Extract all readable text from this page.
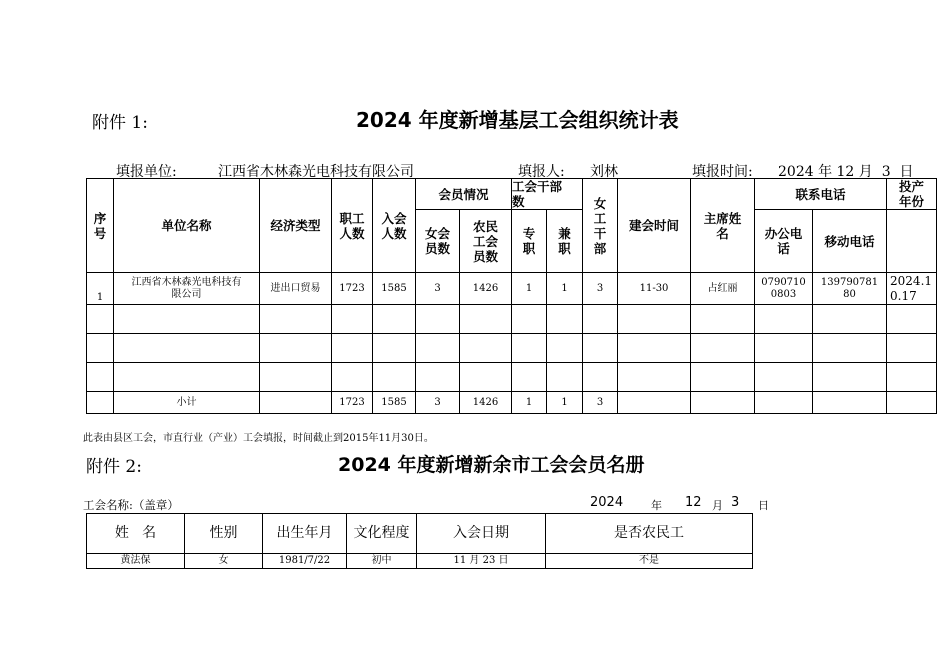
附件 1:	2024 年度新增基层工会组织统计表
填报单位:	江西省木林森光电科技有限公司	填报人: 刘林	填报时间: 2024 年 12 月  3  日
序号	单位名称	经济类型	职工人数	入会人数	会员情况		工会干部数		女工干部	建会时间	主席姓名	联系电话		投产年份

					女会员数	农民工会员数	专职	兼职				办公电话	移动电话	
1	江西省木林森光电科技有限公司	进出口贸易	1723	1585	3	1426	1	1	3	11-30	占红丽	07907100803	13979078180	2024.10.17

	小计		1723	1585	3	1426	1	1	3					
此表由县区工会，市直行业（产业）工会填报，时间截止到2015年11月30日。
附件 2:	2024 年度新增新余市工会会员名册
工会名称:（盖章）	2024	年 12 月 3 日
姓   名	性别	出生年月	文化程度	入会日期	是否农民工
黄法保	女	1981/7/22	初中	11 月 23 日	不是
